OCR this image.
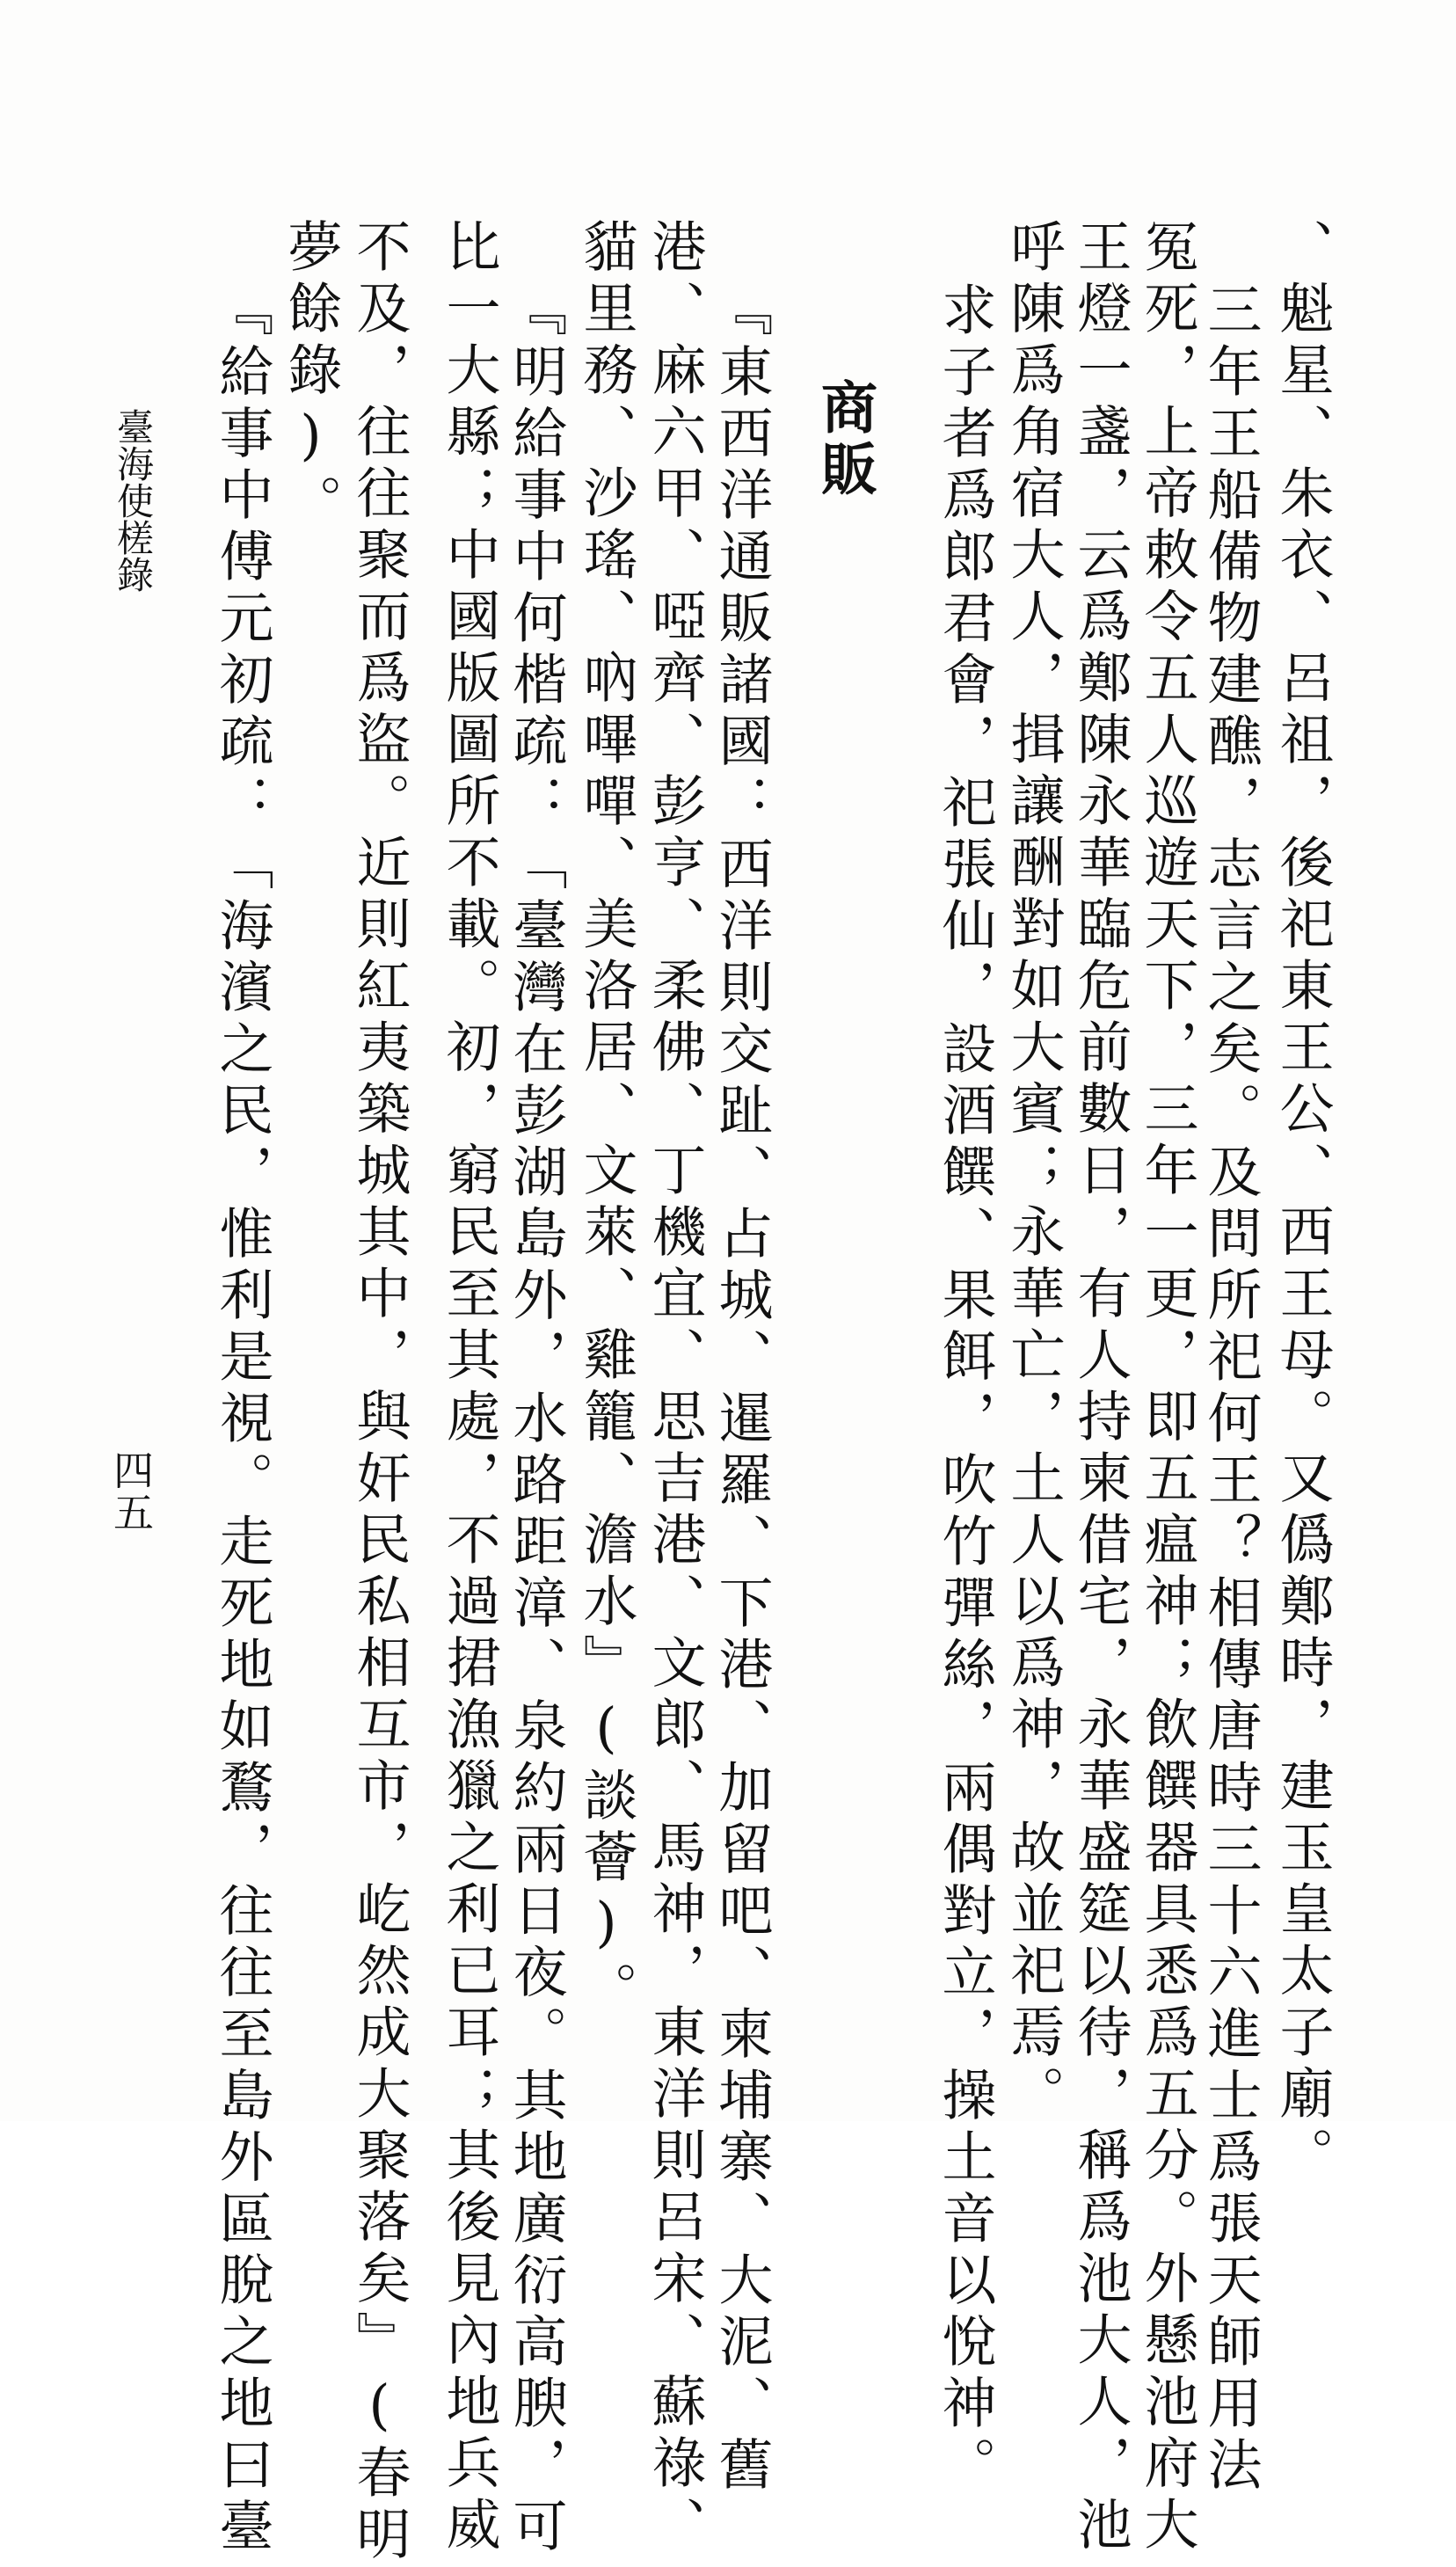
、魁星、朱衣、呂祖，後祀東王公、西王母。又僞鄭時，建玉皇太子廟。
三年王船備物建醮，志言之矣。及問所祀何王？相傳唐時三十六進士爲張天師用法
冤死，上帝敕令五人巡遊天下，三年一更，即五瘟神；飲饌器具悉爲五分。外懸池府大
王燈一盞，云爲鄭陳永華臨危前數日，有人持柬借宅，永華盛筵以待，稱爲池大人，池
呼陳爲角宿大人，揖讓酬對如大賓；永華亡，土人以爲神，故並祀焉。
求子者爲郎君會，祀張仙，設酒饌、果餌，吹竹彈絲，兩偶對立，操土音以悅神。
商販
『東西洋通販諸國：西洋則交趾、占城、暹羅、下港、加留吧、柬埔寨、大泥、舊
港、麻六甲、啞齊、彭亨、柔佛、丁機宜、思吉港、文郎、馬神，東洋則呂宋、蘇祿、
貓里務、沙瑤、吶嗶嘽、美洛居、文萊、雞籠、澹水』(談薈)。
『明給事中何楷疏：「臺灣在彭湖島外，水路距漳、泉約兩日夜。其地廣衍高腴，可
比一大縣；中國版圖所不載。初，窮民至其處，不過捃漁獵之利已耳；其後見內地兵威
不及，往往聚而爲盜。近則紅夷築城其中，與奸民私相互市，屹然成大聚落矣』(春明
夢餘錄)。
『給事中傅元初疏：「海濱之民，惟利是視。走死地如鶩，往往至島外區脫之地曰臺
臺海使槎錄
四五
